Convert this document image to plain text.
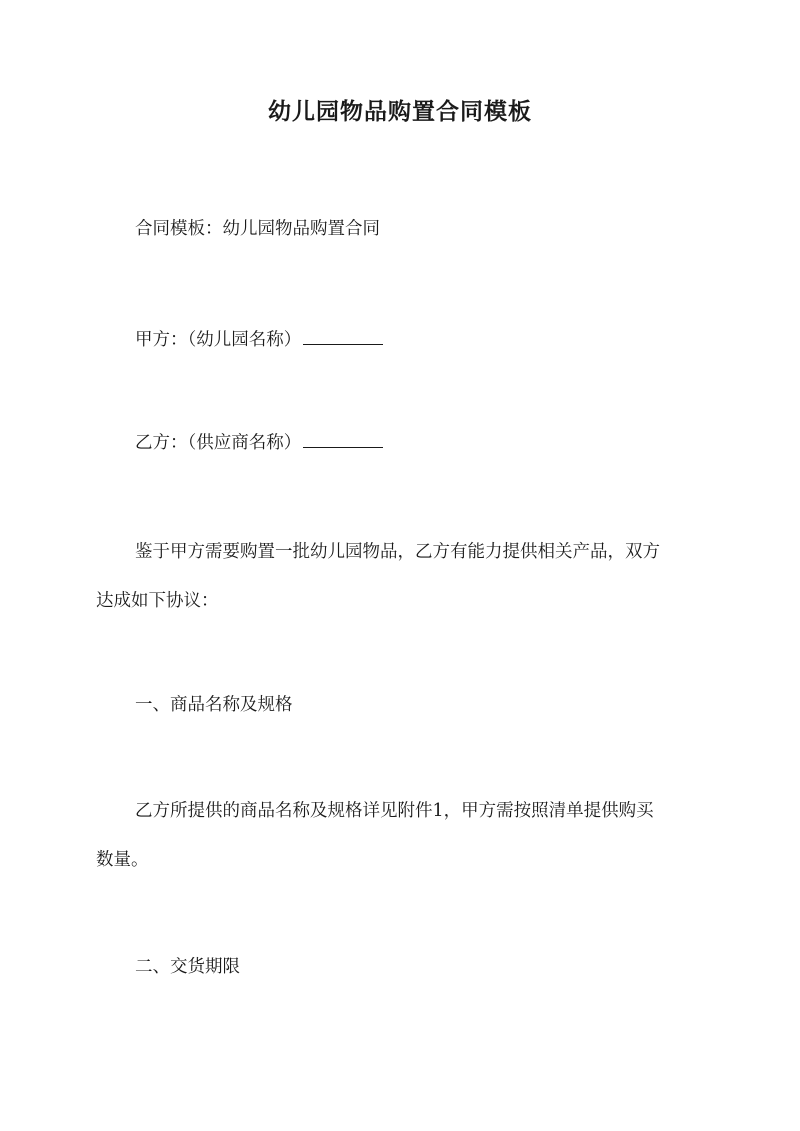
幼儿园物品购置合同模板
合同模板：幼儿园物品购置合同
甲方：（幼儿园名称）
乙方：（供应商名称）
鉴于甲方需要购置一批幼儿园物品，乙方有能力提供相关产品，双方
达成如下协议：
一、商品名称及规格
乙方所提供的商品名称及规格详见附件1，甲方需按照清单提供购买
数量。
二、交货期限
